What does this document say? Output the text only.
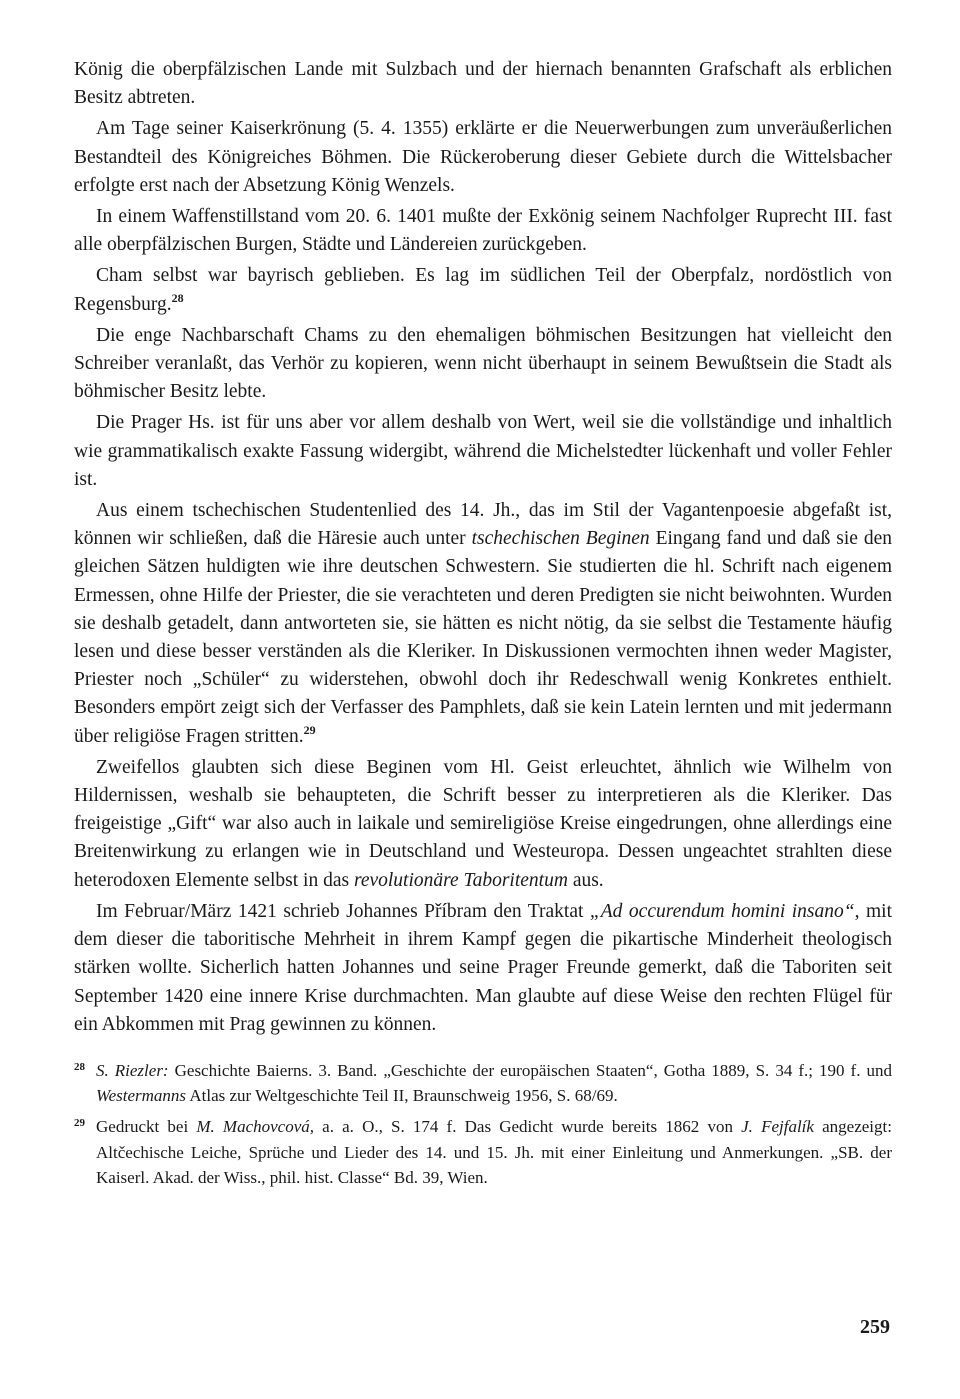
König die oberpfälzischen Lande mit Sulzbach und der hiernach benannten Grafschaft als erblichen Besitz abtreten.

Am Tage seiner Kaiserkrönung (5. 4. 1355) erklärte er die Neuerwerbungen zum unveräußerlichen Bestandteil des Königreiches Böhmen. Die Rückeroberung dieser Gebiete durch die Wittelsbacher erfolgte erst nach der Absetzung König Wenzels.

In einem Waffenstillstand vom 20. 6. 1401 mußte der Exkönig seinem Nachfolger Ruprecht III. fast alle oberpfälzischen Burgen, Städte und Ländereien zurückgeben.

Cham selbst war bayrisch geblieben. Es lag im südlichen Teil der Oberpfalz, nordöstlich von Regensburg.$^{28}$

Die enge Nachbarschaft Chams zu den ehemaligen böhmischen Besitzungen hat vielleicht den Schreiber veranlaßt, das Verhör zu kopieren, wenn nicht überhaupt in seinem Bewußtsein die Stadt als böhmischer Besitz lebte.

Die Prager Hs. ist für uns aber vor allem deshalb von Wert, weil sie die vollständige und inhaltlich wie grammatikalisch exakte Fassung widergibt, während die Michelstedter lückenhaft und voller Fehler ist.

Aus einem tschechischen Studentenlied des 14. Jh., das im Stil der Vagantenpoesie abgefaßt ist, können wir schließen, daß die Häresie auch unter tschechischen Beginen Eingang fand und daß sie den gleichen Sätzen huldigten wie ihre deutschen Schwestern. Sie studierten die hl. Schrift nach eigenem Ermessen, ohne Hilfe der Priester, die sie verachteten und deren Predigten sie nicht beiwohnten. Wurden sie deshalb getadelt, dann antworteten sie, sie hätten es nicht nötig, da sie selbst die Testamente häufig lesen und diese besser verständen als die Kleriker. In Diskussionen vermochten ihnen weder Magister, Priester noch „Schüler“ zu widerstehen, obwohl doch ihr Redeschwall wenig Konkretes enthielt. Besonders empört zeigt sich der Verfasser des Pamphlets, daß sie kein Latein lernten und mit jedermann über religiöse Fragen stritten.$^{29}$

Zweifellos glaubten sich diese Beginen vom Hl. Geist erleuchtet, ähnlich wie Wilhelm von Hildernissen, weshalb sie behaupteten, die Schrift besser zu interpretieren als die Kleriker. Das freigeistige „Gift“ war also auch in laikale und semireligiöse Kreise eingedrungen, ohne allerdings eine Breitenwirkung zu erlangen wie in Deutschland und Westeuropa. Dessen ungeachtet strahlten diese heterodoxen Elemente selbst in das revolutionäre Taboritentum aus.

Im Februar/März 1421 schrieb Johannes Příbram den Traktat „Ad occurendum homini insano“, mit dem dieser die taboritische Mehrheit in ihrem Kampf gegen die pikartische Minderheit theologisch stärken wollte. Sicherlich hatten Johannes und seine Prager Freunde gemerkt, daß die Taboriten seit September 1420 eine innere Krise durchmachten. Man glaubte auf diese Weise den rechten Flügel für ein Abkommen mit Prag gewinnen zu können.

28 S. Riezler: Geschichte Baierns. 3. Band. „Geschichte der europäischen Staaten“, Gotha 1889, S. 34 f.; 190 f. und Westermanns Atlas zur Weltgeschichte Teil II, Braunschweig 1956, S. 68/69.

29 Gedruckt bei M. Machovcová, a. a. O., S. 174 f. Das Gedicht wurde bereits 1862 von J. Fejfalík angezeigt: Altčechische Leiche, Sprüche und Lieder des 14. und 15. Jh. mit einer Einleitung und Anmerkungen. „SB. der Kaiserl. Akad. der Wiss., phil. hist. Classe“ Bd. 39, Wien.

259
